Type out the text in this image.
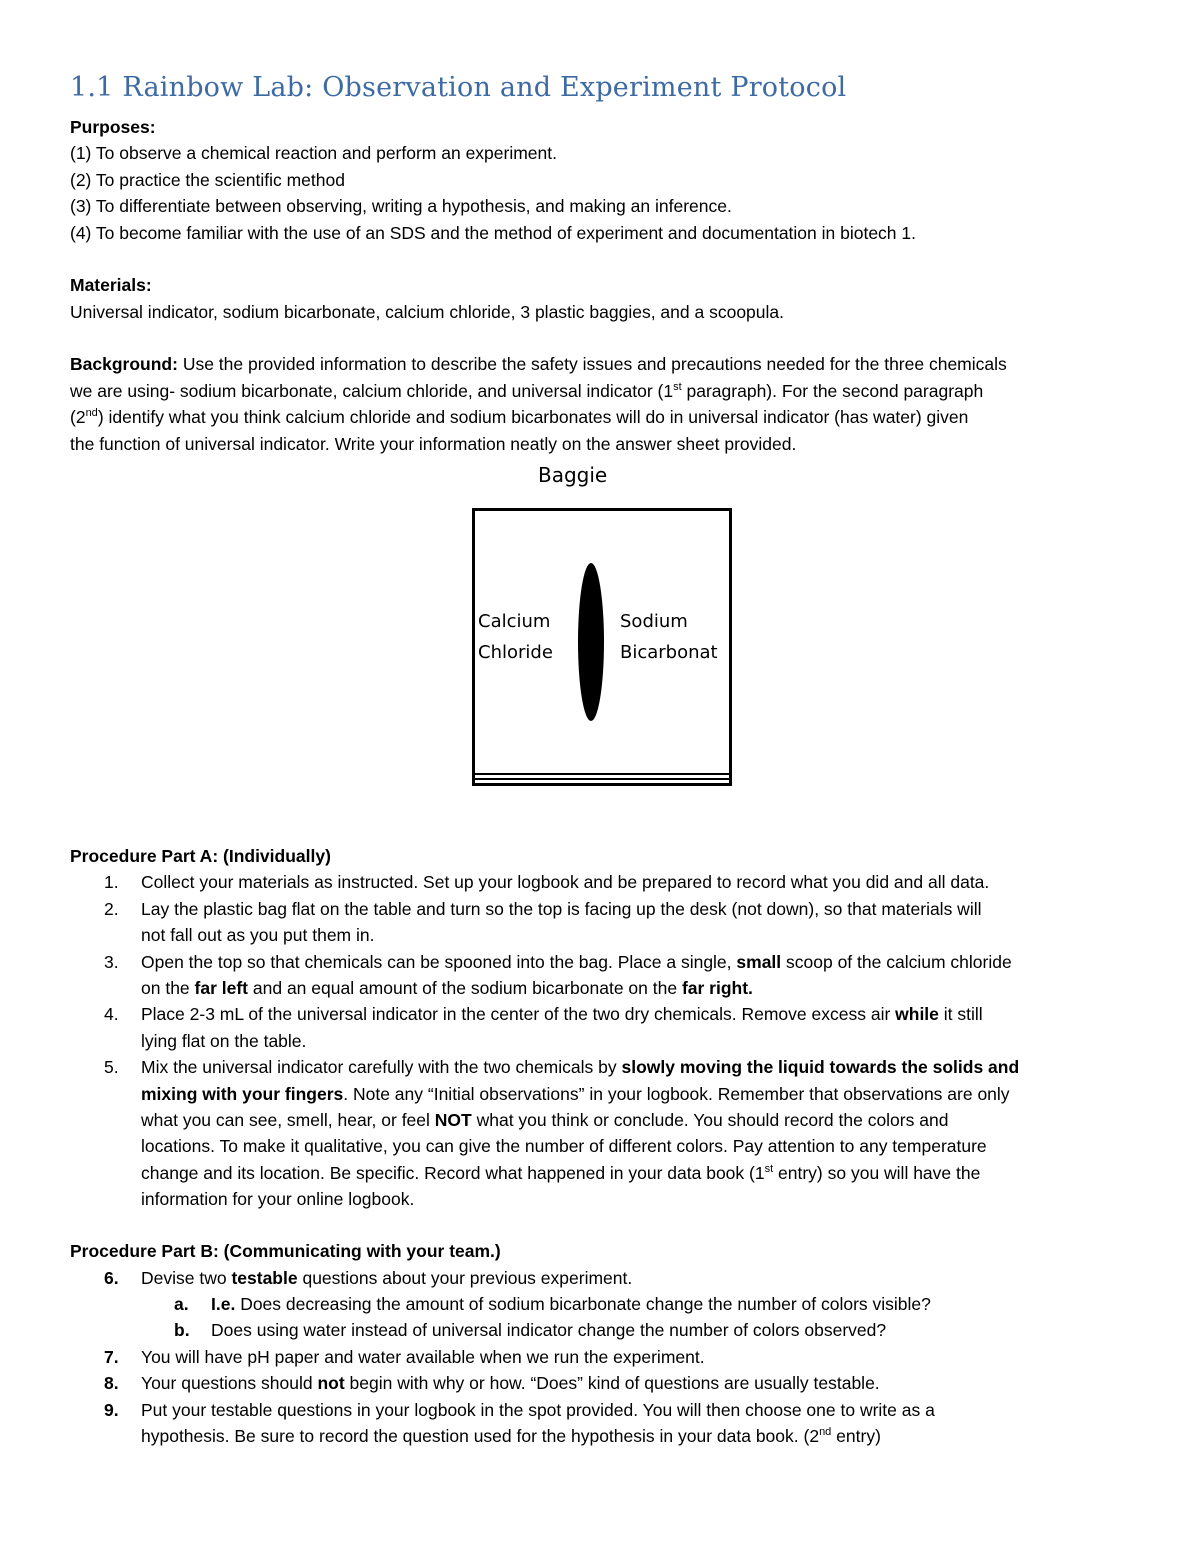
1.1 Rainbow Lab: Observation and Experiment Protocol
Purposes:
(1) To observe a chemical reaction and perform an experiment.
(2) To practice the scientific method
(3) To differentiate between observing, writing a hypothesis, and making an inference.
(4) To become familiar with the use of an SDS and the method of experiment and documentation in biotech 1.
Materials:
Universal indicator, sodium bicarbonate, calcium chloride, 3 plastic baggies, and a scoopula.
Background: Use the provided information to describe the safety issues and precautions needed for the three chemicals
we are using- sodium bicarbonate, calcium chloride, and universal indicator (1st paragraph). For the second paragraph
(2nd) identify what you think calcium chloride and sodium bicarbonates will do in universal indicator (has water) given
the function of universal indicator. Write your information neatly on the answer sheet provided.
Baggie
Calcium
Chloride
Sodium
Bicarbonat
Procedure Part A: (Individually)
1. Collect your materials as instructed. Set up your logbook and be prepared to record what you did and all data.
2. Lay the plastic bag flat on the table and turn so the top is facing up the desk (not down), so that materials will
not fall out as you put them in.
3. Open the top so that chemicals can be spooned into the bag. Place a single, small scoop of the calcium chloride
on the far left and an equal amount of the sodium bicarbonate on the far right.
4. Place 2-3 mL of the universal indicator in the center of the two dry chemicals. Remove excess air while it still
lying flat on the table.
5. Mix the universal indicator carefully with the two chemicals by slowly moving the liquid towards the solids and
mixing with your fingers. Note any “Initial observations” in your logbook. Remember that observations are only
what you can see, smell, hear, or feel NOT what you think or conclude. You should record the colors and
locations. To make it qualitative, you can give the number of different colors. Pay attention to any temperature
change and its location. Be specific. Record what happened in your data book (1st entry) so you will have the
information for your online logbook.
Procedure Part B: (Communicating with your team.)
6. Devise two testable questions about your previous experiment.
a. I.e. Does decreasing the amount of sodium bicarbonate change the number of colors visible?
b. Does using water instead of universal indicator change the number of colors observed?
7. You will have pH paper and water available when we run the experiment.
8. Your questions should not begin with why or how. “Does” kind of questions are usually testable.
9. Put your testable questions in your logbook in the spot provided. You will then choose one to write as a
hypothesis. Be sure to record the question used for the hypothesis in your data book. (2nd entry)
